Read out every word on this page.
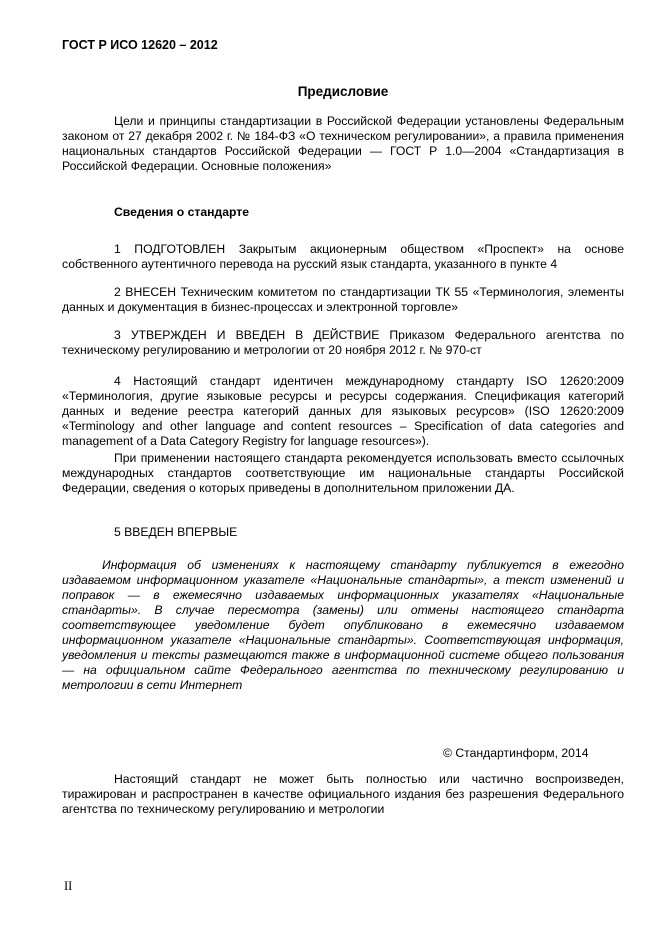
ГОСТ Р ИСО 12620 – 2012
Предисловие

Цели и принципы стандартизации в Российской Федерации установлены Федеральным законом от 27 декабря 2002 г. № 184-ФЗ «О техническом регулировании», а правила применения национальных стандартов Российской Федерации — ГОСТ Р 1.0—2004 «Стандартизация в Российской Федерации. Основные положения»

Сведения о стандарте

1 ПОДГОТОВЛЕН Закрытым акционерным обществом «Проспект» на основе собственного аутентичного перевода на русский язык стандарта, указанного в пункте 4

2 ВНЕСЕН Техническим комитетом по стандартизации ТК 55 «Терминология, элементы данных и документация в бизнес-процессах и электронной торговле»

3 УТВЕРЖДЕН И ВВЕДЕН В ДЕЙСТВИЕ Приказом Федерального агентства по техническому регулированию и метрологии от 20 ноября 2012 г. № 970-ст

4 Настоящий стандарт идентичен международному стандарту ISO 12620:2009 «Терминология, другие языковые ресурсы и ресурсы содержания. Спецификация категорий данных и ведение реестра категорий данных для языковых ресурсов» (ISO 12620:2009 «Terminology and other language and content resources – Specification of data categories and management of a Data Category Registry for language resources»).

При применении настоящего стандарта рекомендуется использовать вместо ссылочных международных стандартов соответствующие им национальные стандарты Российской Федерации, сведения о которых приведены в дополнительном приложении ДА.

5 ВВЕДЕН ВПЕРВЫЕ

Информация об изменениях к настоящему стандарту публикуется в ежегодно издаваемом информационном указателе «Национальные стандарты», а текст изменений и поправок — в ежемесячно издаваемых информационных указателях «Национальные стандарты». В случае пересмотра (замены) или отмены настоящего стандарта соответствующее уведомление будет опубликовано в ежемесячно издаваемом информационном указателе «Национальные стандарты». Соответствующая информация, уведомления и тексты размещаются также в информационной системе общего пользования — на официальном сайте Федерального агентства по техническому регулированию и метрологии в сети Интернет

© Стандартинформ, 2014

Настоящий стандарт не может быть полностью или частично воспроизведен, тиражирован и распространен в качестве официального издания без разрешения Федерального агентства по техническому регулированию и метрологии

II
